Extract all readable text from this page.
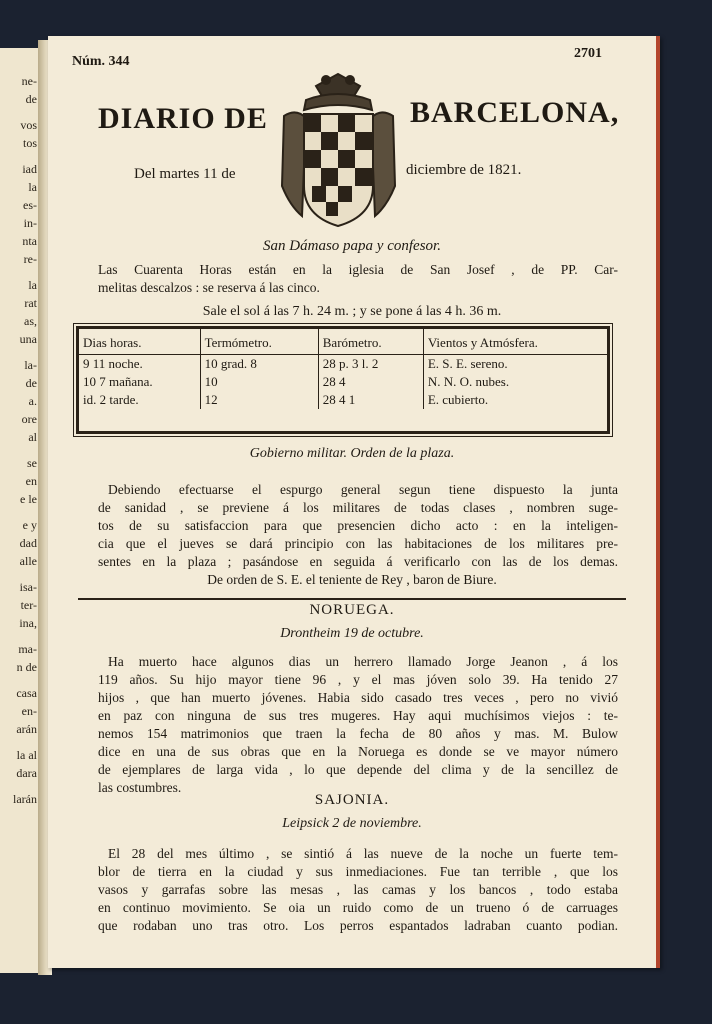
ne-
de
vos
tos
iad
la
es-
in-
nta
re-
la
rat
as,
una
la-
de
a.
ore
al
se
en
e le
e y
dad
alle
isa-
ter-
ina,
ma-
n de
casa
en-
arán
la al
dara
larán
Núm. 344
2701
DIARIO DE	BARCELONA,
Del martes 11 de	diciembre de 1821.
San Dámaso papa y confesor.
Las Cuarenta Horas están en la iglesia de San Josef , de PP. Car-
melitas descalzos : se reserva á las cinco.
Sale el sol á las 7 h. 24 m. ; y se pone á las 4 h. 36 m.
Dias horas.	Termómetro.	Barómetro.	Vientos y Atmósfera.
9 11 noche.	10 grad. 8	28 p. 3 l. 2	E. S. E. sereno.
10 7 mañana.	10	28 4	N. N. O. nubes.
id. 2 tarde.	12	28 4 1	E. cubierto.
Gobierno militar. Orden de la plaza.
Debiendo efectuarse el espurgo general segun tiene dispuesto la junta
de sanidad , se previene á los militares de todas clases , nombren suge-
tos de su satisfaccion para que presencien dicho acto : en la inteligen-
cia que el jueves se dará principio con las habitaciones de los militares pre-
sentes en la plaza ; pasándose en seguida á verificarlo con las de los demas.
De orden de S. E. el teniente de Rey , baron de Biure.
NORUEGA.
Drontheim 19 de octubre.
Ha muerto hace algunos dias un herrero llamado Jorge Jeanon , á los
119 años. Su hijo mayor tiene 96 , y el mas jóven solo 39. Ha tenido 27
hijos , que han muerto jóvenes. Habia sido casado tres veces , pero no vivió
en paz con ninguna de sus tres mugeres. Hay aqui muchísimos viejos : te-
nemos 154 matrimonios que traen la fecha de 80 años y mas. M. Bulow
dice en una de sus obras que en la Noruega es donde se ve mayor número
de ejemplares de larga vida , lo que depende del clima y de la sencillez de
las costumbres.
SAJONIA.
Leipsick 2 de noviembre.
El 28 del mes último , se sintió á las nueve de la noche un fuerte tem-
blor de tierra en la ciudad y sus inmediaciones. Fue tan terrible , que los
vasos y garrafas sobre las mesas , las camas y los bancos , todo estaba
en continuo movimiento. Se oia un ruido como de un trueno ó de carruages
que rodaban uno tras otro. Los perros espantados ladraban cuanto podian.
